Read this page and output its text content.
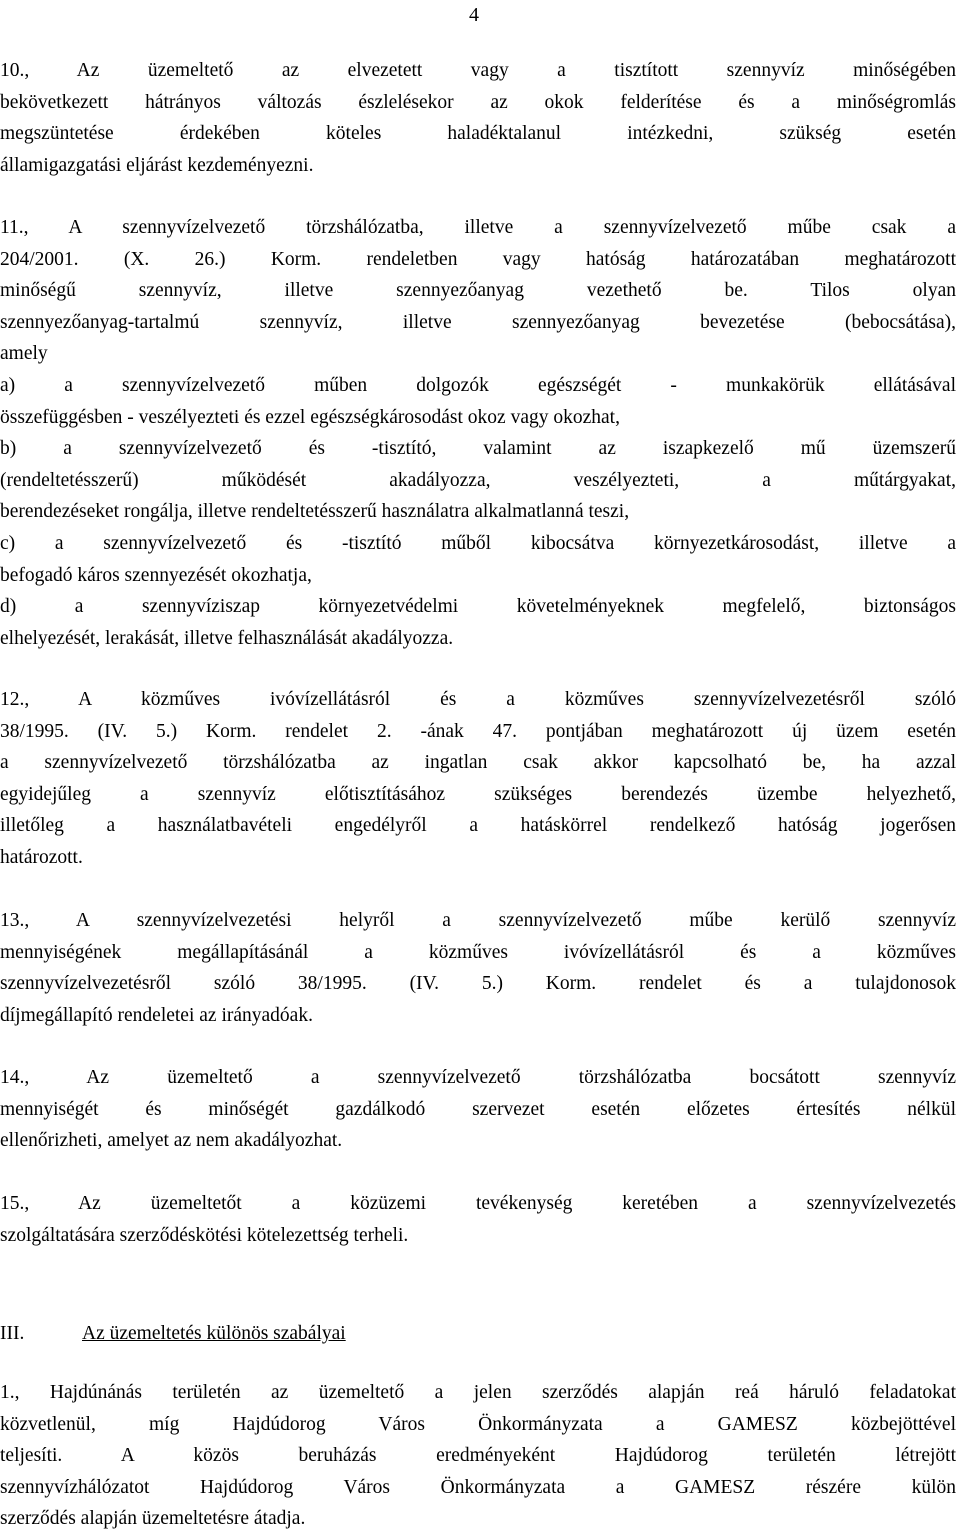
4
10., Az üzemeltető az elvezetett vagy a tisztított szennyvíz minőségében
bekövetkezett hátrányos változás észlelésekor az okok felderítése és a minőségromlás
megszüntetése érdekében köteles haladéktalanul intézkedni, szükség esetén
államigazgatási eljárást kezdeményezni.
11., A szennyvízelvezető törzshálózatba, illetve a szennyvízelvezető műbe csak a
204/2001. (X. 26.) Korm. rendeletben vagy hatóság határozatában meghatározott
minőségű szennyvíz, illetve szennyezőanyag vezethető be. Tilos olyan
szennyezőanyag-tartalmú szennyvíz, illetve szennyezőanyag bevezetése (bebocsátása),
amely
a) a szennyvízelvezető műben dolgozók egészségét - munkakörük ellátásával
összefüggésben - veszélyezteti és ezzel egészségkárosodást okoz vagy okozhat,
b) a szennyvízelvezető és -tisztító, valamint az iszapkezelő mű üzemszerű
(rendeltetésszerű) működését akadályozza, veszélyezteti, a műtárgyakat,
berendezéseket rongálja, illetve rendeltetésszerű használatra alkalmatlanná teszi,
c) a szennyvízelvezető és -tisztító műből kibocsátva környezetkárosodást, illetve a
befogadó káros szennyezését okozhatja,
d) a szennyvíziszap környezetvédelmi követelményeknek megfelelő, biztonságos
elhelyezését, lerakását, illetve felhasználását akadályozza.
12., A közműves ivóvízellátásról és a közműves szennyvízelvezetésről szóló
38/1995. (IV. 5.) Korm. rendelet 2. -ának 47. pontjában meghatározott új üzem esetén
a szennyvízelvezető törzshálózatba az ingatlan csak akkor kapcsolható be, ha azzal
egyidejűleg a szennyvíz előtisztításához szükséges berendezés üzembe helyezhető,
illetőleg a használatbavételi engedélyről a hatáskörrel rendelkező hatóság jogerősen
határozott.
13., A szennyvízelvezetési helyről a szennyvízelvezető műbe kerülő szennyvíz
mennyiségének megállapításánál a közműves ivóvízellátásról és a közműves
szennyvízelvezetésről szóló 38/1995. (IV. 5.) Korm. rendelet és a tulajdonosok
díjmegállapító rendeletei az irányadóak.
14., Az üzemeltető a szennyvízelvezető törzshálózatba bocsátott szennyvíz
mennyiségét és minőségét gazdálkodó szervezet esetén előzetes értesítés nélkül
ellenőrizheti, amelyet az nem akadályozhat.
15., Az üzemeltetőt a közüzemi tevékenység keretében a szennyvízelvezetés
szolgáltatására szerződéskötési kötelezettség terheli.
1., Hajdúnánás területén az üzemeltető a jelen szerződés alapján reá háruló feladatokat
közvetlenül, míg Hajdúdorog Város Önkormányzata a GAMESZ közbejöttével
teljesíti. A közös beruházás eredményeként Hajdúdorog területén létrejött
szennyvízhálózatot Hajdúdorog Város Önkormányzata a GAMESZ részére külön
szerződés alapján üzemeltetésre átadja.
III.	Az üzemeltetés különös szabályai
